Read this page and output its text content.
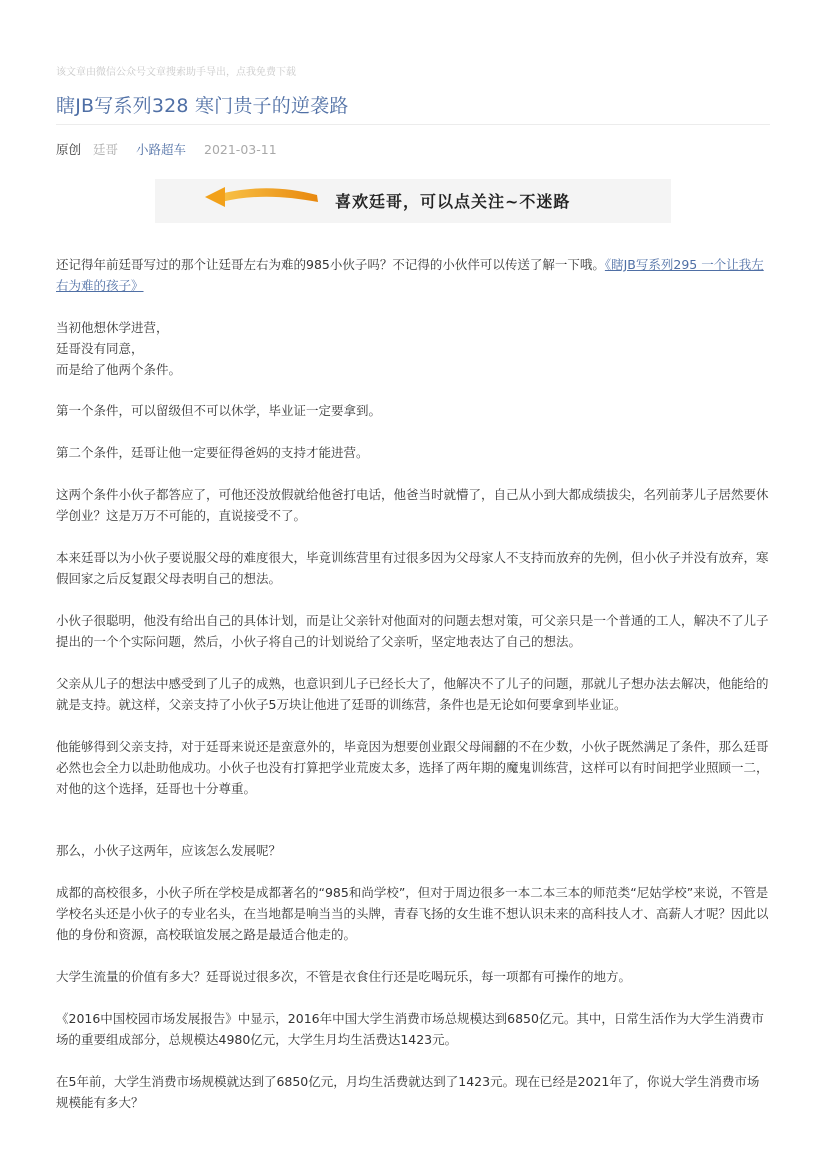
该文章由微信公众号文章搜索助手导出，点我免费下载
瞎JB写系列328 寒门贵子的逆袭路
原创 廷哥 小路超车 2021-03-11
喜欢廷哥，可以点关注~不迷路

还记得年前廷哥写过的那个让廷哥左右为难的985小伙子吗？不记得的小伙伴可以传送了解一下哦。《瞎JB写系列295 一个让我左右为难的孩子》

当初他想休学进营，

廷哥没有同意，

而是给了他两个条件。

第一个条件，可以留级但不可以休学，毕业证一定要拿到。
第二个条件，廷哥让他一定要征得爸妈的支持才能进营。
这两个条件小伙子都答应了，可他还没放假就给他爸打电话，他爸当时就懵了，自己从小到大都成绩拔尖，名列前茅儿子居然要休学创业？这是万万不可能的，直说接受不了。
本来廷哥以为小伙子要说服父母的难度很大，毕竟训练营里有过很多因为父母家人不支持而放弃的先例，但小伙子并没有放弃，寒假回家之后反复跟父母表明自己的想法。
小伙子很聪明，他没有给出自己的具体计划，而是让父亲针对他面对的问题去想对策，可父亲只是一个普通的工人，解决不了儿子提出的一个个实际问题，然后，小伙子将自己的计划说给了父亲听，坚定地表达了自己的想法。
父亲从儿子的想法中感受到了儿子的成熟，也意识到儿子已经长大了，他解决不了儿子的问题，那就儿子想办法去解决，他能给的就是支持。就这样，父亲支持了小伙子5万块让他进了廷哥的训练营，条件也是无论如何要拿到毕业证。
他能够得到父亲支持，对于廷哥来说还是蛮意外的，毕竟因为想要创业跟父母闹翻的不在少数，小伙子既然满足了条件，那么廷哥必然也会全力以赴助他成功。小伙子也没有打算把学业荒废太多，选择了两年期的魔鬼训练营，这样可以有时间把学业照顾一二，对他的这个选择，廷哥也十分尊重。
那么，小伙子这两年，应该怎么发展呢？
成都的高校很多，小伙子所在学校是成都著名的“985和尚学校”，但对于周边很多一本二本三本的师范类“尼姑学校”来说，不管是学校名头还是小伙子的专业名头，在当地都是响当当的头牌，青春飞扬的女生谁不想认识未来的高科技人才、高薪人才呢？因此以他的身份和资源，高校联谊发展之路是最适合他走的。
大学生流量的价值有多大？廷哥说过很多次，不管是衣食住行还是吃喝玩乐，每一项都有可操作的地方。
《2016中国校园市场发展报告》中显示，2016年中国大学生消费市场总规模达到6850亿元。其中，日常生活作为大学生消费市场的重要组成部分，总规模达4980亿元，大学生月均生活费达1423元。
在5年前，大学生消费市场规模就达到了6850亿元，月均生活费就达到了1423元。现在已经是2021年了，你说大学生消费市场规模能有多大？
